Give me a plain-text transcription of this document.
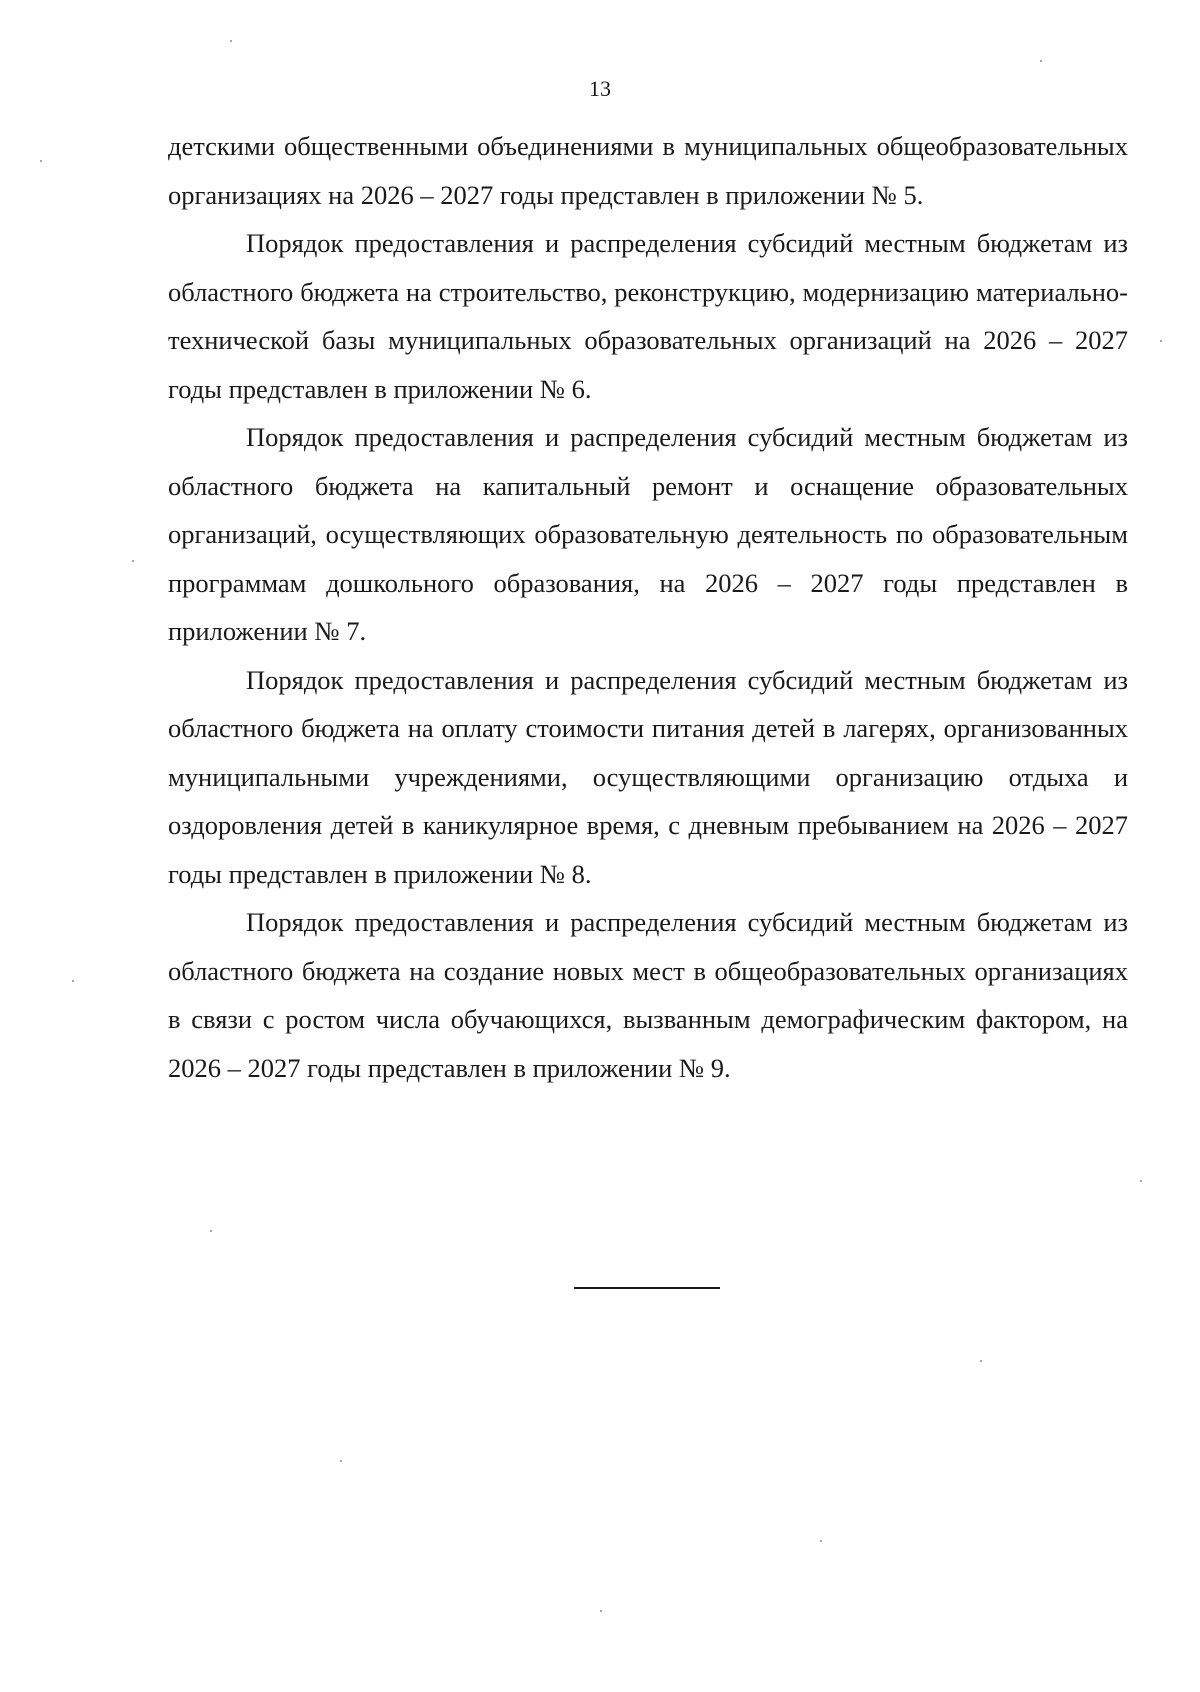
13

детскими общественными объединениями в муниципальных общеобразовательных организациях на 2026 – 2027 годы представлен в приложении № 5.

Порядок предоставления и распределения субсидий местным бюджетам из областного бюджета на строительство, реконструкцию, модернизацию материально-технической базы муниципальных образовательных организаций на 2026 – 2027 годы представлен в приложении № 6.

Порядок предоставления и распределения субсидий местным бюджетам из областного бюджета на капитальный ремонт и оснащение образовательных организаций, осуществляющих образовательную деятельность по образовательным программам дошкольного образования, на 2026 – 2027 годы представлен в приложении № 7.

Порядок предоставления и распределения субсидий местным бюджетам из областного бюджета на оплату стоимости питания детей в лагерях, организованных муниципальными учреждениями, осуществляющими организацию отдыха и оздоровления детей в каникулярное время, с дневным пребыванием на 2026 – 2027 годы представлен в приложении № 8.

Порядок предоставления и распределения субсидий местным бюджетам из областного бюджета на создание новых мест в общеобразовательных организациях в связи с ростом числа обучающихся, вызванным демографическим фактором, на 2026 – 2027 годы представлен в приложении № 9.
